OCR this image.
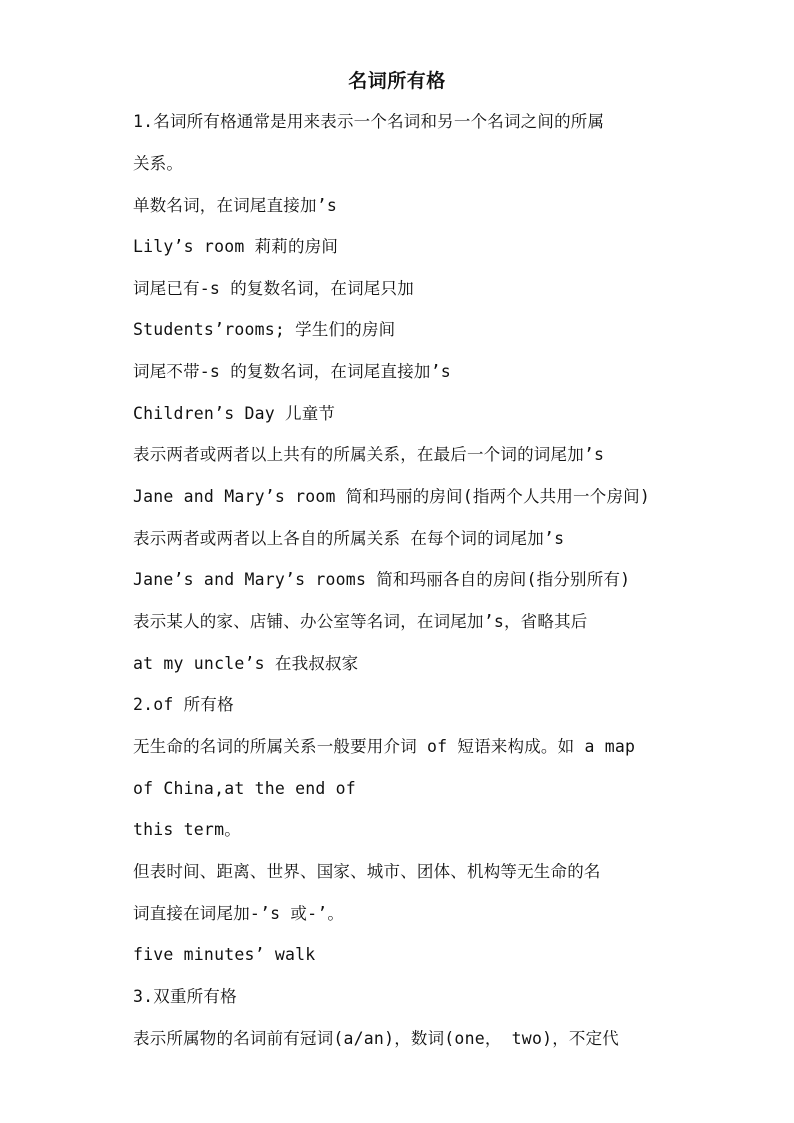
名词所有格
1.名词所有格通常是用来表示一个名词和另一个名词之间的所属
关系。
单数名词，在词尾直接加’s
Lily’s room 莉莉的房间
词尾已有-s 的复数名词，在词尾只加
Students’rooms; 学生们的房间
词尾不带-s 的复数名词，在词尾直接加’s
Children’s Day 儿童节
表示两者或两者以上共有的所属关系，在最后一个词的词尾加’s
Jane and Mary’s room 简和玛丽的房间(指两个人共用一个房间)
表示两者或两者以上各自的所属关系 在每个词的词尾加’s
Jane’s and Mary’s rooms 简和玛丽各自的房间(指分别所有)
表示某人的家、店铺、办公室等名词，在词尾加’s，省略其后
at my uncle’s 在我叔叔家
2.of 所有格
无生命的名词的所属关系一般要用介词 of 短语来构成。如 a map
of China,at the end of
this term。
但表时间、距离、世界、国家、城市、团体、机构等无生命的名
词直接在词尾加-’s 或-’。
five minutes’ walk
3.双重所有格
表示所属物的名词前有冠词(a/an)，数词(one， two)，不定代
